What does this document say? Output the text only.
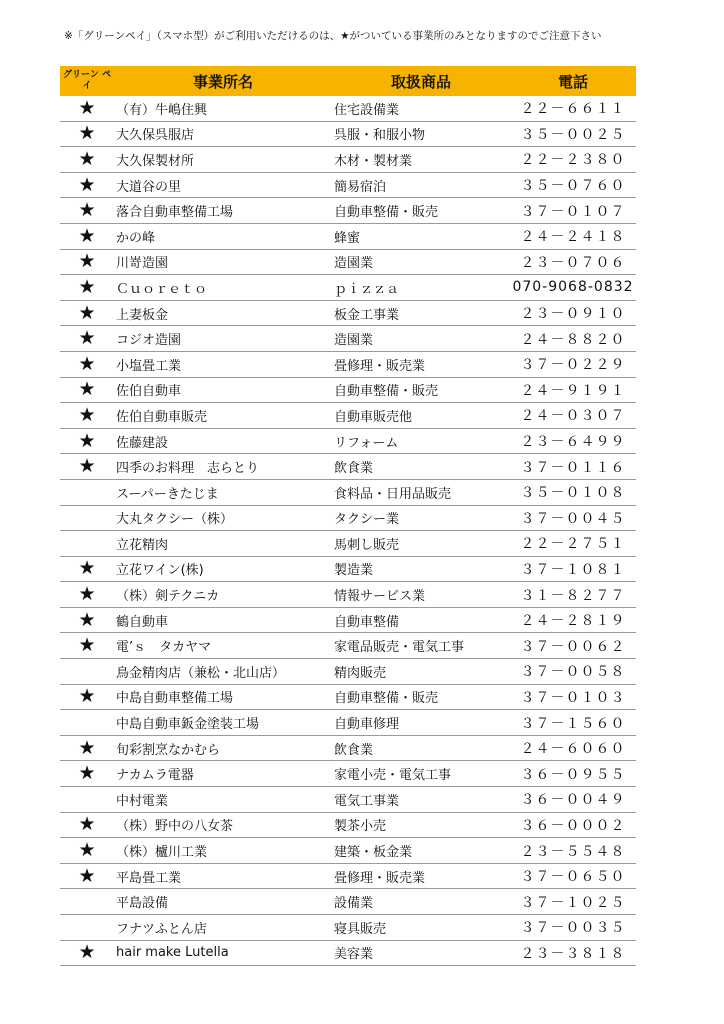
※「グリーンペイ」（スマホ型）がご利用いただけるのは、★がついている事業所のみとなりますのでご注意下さい
グリーン ペイ	事業所名	取扱商品	電話
★	（有）牛嶋住興	住宅設備業	２２－６６１１
★	大久保呉服店	呉服・和服小物	３５－００２５
★	大久保製材所	木材・製材業	２２－２３８０
★	大道谷の里	簡易宿泊	３５－０７６０
★	落合自動車整備工場	自動車整備・販売	３７－０１０７
★	かの峰	蜂蜜	２４－２４１８
★	川嵜造園	造園業	２３－０７０６
★	Ｃｕｏｒｅｔｏ	ｐｉｚｚａ	070-9068-0832
★	上妻板金	板金工事業	２３－０９１０
★	コジオ造園	造園業	２４－８８２０
★	小塩畳工業	畳修理・販売業	３７－０２２９
★	佐伯自動車	自動車整備・販売	２４－９１９１
★	佐伯自動車販売	自動車販売他	２４－０３０７
★	佐藤建設	リフォーム	２３－６４９９
★	四季のお料理　志らとり	飲食業	３７－０１１６
	スーパーきたじま	食料品・日用品販売	３５－０１０８
	大丸タクシー（株）	タクシー業	３７－００４５
	立花精肉	馬刺し販売	２２－２７５１
★	立花ワイン(株)	製造業	３７－１０８１
★	（株）剣テクニカ	情報サービス業	３１－８２７７
★	鶴自動車	自動車整備	２４－２８１９
★	電’ｓ　タカヤマ	家電品販売・電気工事	３７－００６２
	鳥金精肉店（兼松・北山店）	精肉販売	３７－００５８
★	中島自動車整備工場	自動車整備・販売	３７－０１０３
	中島自動車鈑金塗装工場	自動車修理	３７－１５６０
★	旬彩割烹なかむら	飲食業	２４－６０６０
★	ナカムラ電器	家電小売・電気工事	３６－０９５５
	中村電業	電気工事業	３６－００４９
★	（株）野中の八女茶	製茶小売	３６－０００２
★	（株）櫨川工業	建築・板金業	２３－５５４８
★	平島畳工業	畳修理・販売業	３７－０６５０
	平島設備	設備業	３７－１０２５
	フナツふとん店	寝具販売	３７－００３５
★	hair make Lutella	美容業	２３－３８１８
